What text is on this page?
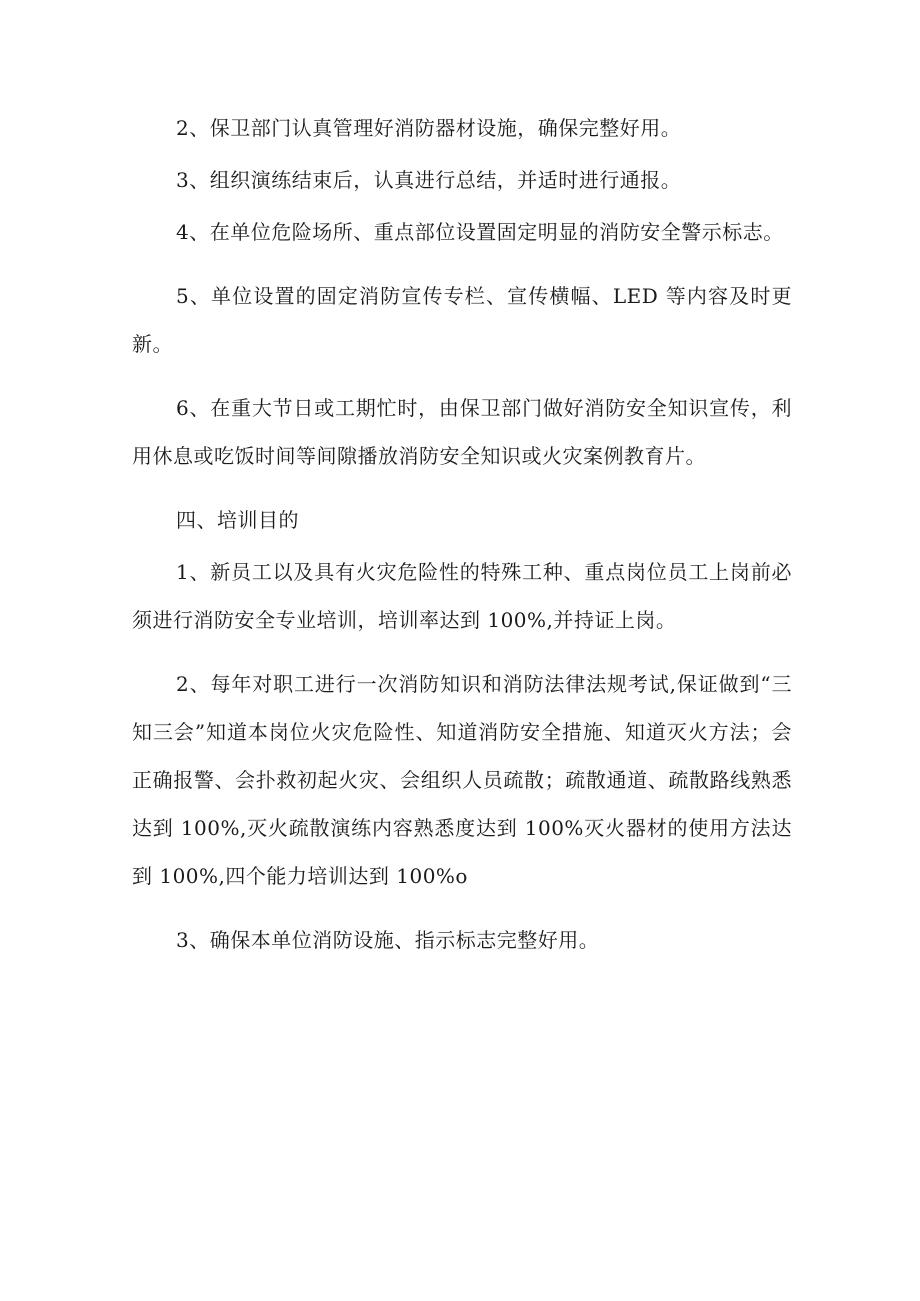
2、保卫部门认真管理好消防器材设施，确保完整好用。

3、组织演练结束后，认真进行总结，并适时进行通报。

4、在单位危险场所、重点部位设置固定明显的消防安全警示标志。

5、单位设置的固定消防宣传专栏、宣传横幅、LED 等内容及时更新。

6、在重大节日或工期忙时，由保卫部门做好消防安全知识宣传，利用休息或吃饭时间等间隙播放消防安全知识或火灾案例教育片。

四、培训目的

1、新员工以及具有火灾危险性的特殊工种、重点岗位员工上岗前必须进行消防安全专业培训，培训率达到 100%,并持证上岗。

2、每年对职工进行一次消防知识和消防法律法规考试,保证做到“三知三会”知道本岗位火灾危险性、知道消防安全措施、知道灭火方法；会正确报警、会扑救初起火灾、会组织人员疏散；疏散通道、疏散路线熟悉达到 100%,灭火疏散演练内容熟悉度达到 100%灭火器材的使用方法达到 100%,四个能力培训达到 100%o

3、确保本单位消防设施、指示标志完整好用。
